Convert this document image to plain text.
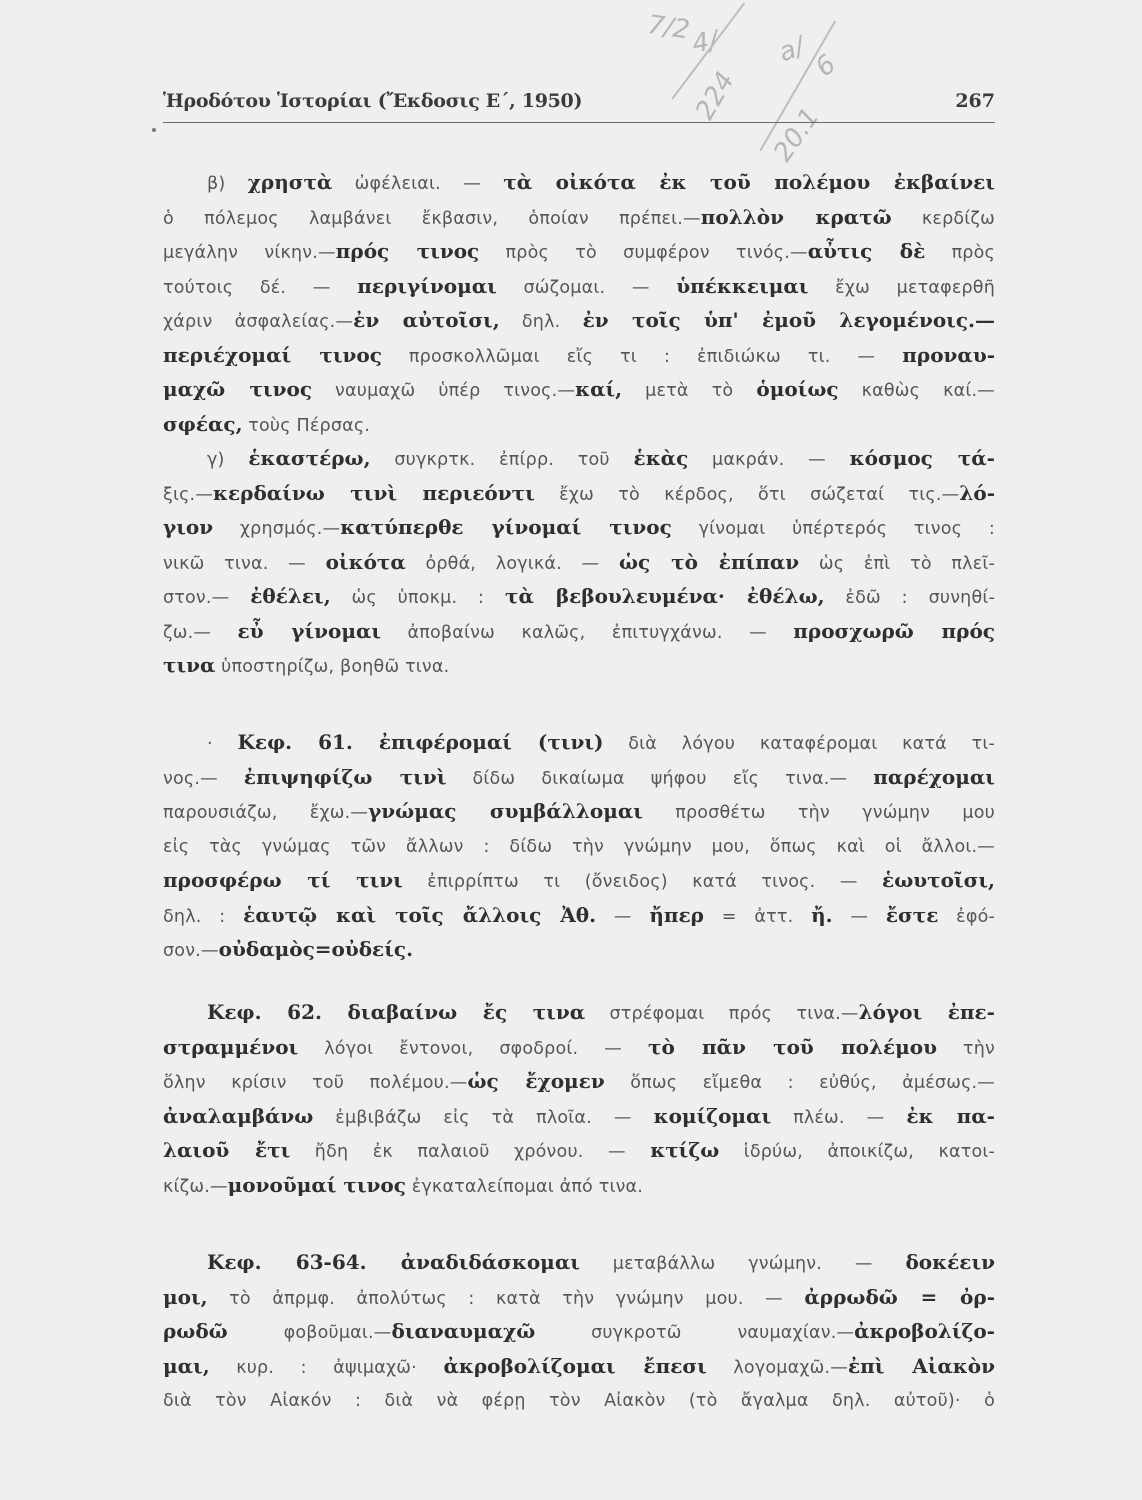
7/2
4/
224
a/ 6
20.1
Ἡροδότου Ἱστορίαι (Ἔκδοσις Ε΄, 1950)	267
β) χρηστὰ ὠφέλειαι. — τὰ οἰκότα ἐκ τοῦ πολέμου ἐκβαίνει
ὁ πόλεμος λαμβάνει ἔκβασιν, ὁποίαν πρέπει.—πολλὸν κρατῶ κερδίζω
μεγάλην νίκην.—πρός τινος πρὸς τὸ συμφέρον τινός.—αὖτις δὲ πρὸς
τούτοις δέ. — περιγίνομαι σώζομαι. — ὑπέκκειμαι ἔχω μεταφερθῆ
χάριν ἀσφαλείας.—ἐν αὐτοῖσι, δηλ. ἐν τοῖς ὑπ' ἐμοῦ λεγομένοις.—
περιέχομαί τινος προσκολλῶμαι εἴς τι : ἐπιδιώκω τι. — προναυ-
μαχῶ τινος ναυμαχῶ ὑπέρ τινος.—καί, μετὰ τὸ ὁμοίως καθὼς καί.—
σφέας, τοὺς Πέρσας.
γ) ἑκαστέρω, συγκρτκ. ἐπίρρ. τοῦ ἑκὰς μακράν. — κόσμος τά-
ξις.—κερδαίνω τινὶ περιεόντι ἔχω τὸ κέρδος, ὅτι σώζεταί τις.—λό-
γιον χρησμός.—κατύπερθε γίνομαί τινος γίνομαι ὑπέρτερός τινος :
νικῶ τινα. — οἰκότα ὀρθά, λογικά. — ὡς τὸ ἐπίπαν ὡς ἐπὶ τὸ πλεῖ-
στον.— ἐθέλει, ὡς ὑποκμ. : τὰ βεβουλευμένα· ἐθέλω, ἐδῶ : συνηθί-
ζω.— εὖ γίνομαι ἀποβαίνω καλῶς, ἐπιτυγχάνω. — προσχωρῶ πρός
τινα ὑποστηρίζω, βοηθῶ τινα.
· Κεφ. 61. ἐπιφέρομαί (τινι) διὰ λόγου καταφέρομαι κατά τι-
νος.— ἐπιψηφίζω τινὶ δίδω δικαίωμα ψήφου εἴς τινα.— παρέχομαι
παρουσιάζω, ἔχω.—γνώμας συμβάλλομαι προσθέτω τὴν γνώμην μου
εἰς τὰς γνώμας τῶν ἄλλων : δίδω τὴν γνώμην μου, ὅπως καὶ οἱ ἄλλοι.—
προσφέρω τί τινι ἐπιρρίπτω τι (ὄνειδος) κατά τινος. — ἑωυτοῖσι,
δηλ. : ἑαυτῷ καὶ τοῖς ἄλλοις Ἀθ. — ἤπερ = ἀττ. ἤ. — ἔστε ἐφό-
σον.—οὐδαμὸς=οὐδείς.
Κεφ. 62. διαβαίνω ἔς τινα στρέφομαι πρός τινα.—λόγοι ἐπε-
στραμμένοι λόγοι ἔντονοι, σφοδροί. — τὸ πᾶν τοῦ πολέμου τὴν
ὅλην κρίσιν τοῦ πολέμου.—ὡς ἔχομεν ὅπως εἴμεθα : εὐθύς, ἀμέσως.—
ἀναλαμβάνω ἐμβιβάζω εἰς τὰ πλοῖα. — κομίζομαι πλέω. — ἐκ πα-
λαιοῦ ἔτι ἤδη ἐκ παλαιοῦ χρόνου. — κτίζω ἱδρύω, ἀποικίζω, κατοι-
κίζω.—μονοῦμαί τινος ἐγκαταλείπομαι ἀπό τινα.
Κεφ. 63-64. ἀναδιδάσκομαι μεταβάλλω γνώμην. — δοκέειν
μοι, τὸ ἀπρμφ. ἀπολύτως : κατὰ τὴν γνώμην μου. — ἀρρωδῶ = ὀρ-
ρωδῶ φοβοῦμαι.—διαναυμαχῶ συγκροτῶ ναυμαχίαν.—ἀκροβολίζο-
μαι, κυρ. : ἀψιμαχῶ· ἀκροβολίζομαι ἔπεσι λογομαχῶ.—ἐπὶ Αἰακὸν
διὰ τὸν Αἰακόν : διὰ νὰ φέρῃ τὸν Αἰακὸν (τὸ ἄγαλμα δηλ. αὐτοῦ)· ὁ
